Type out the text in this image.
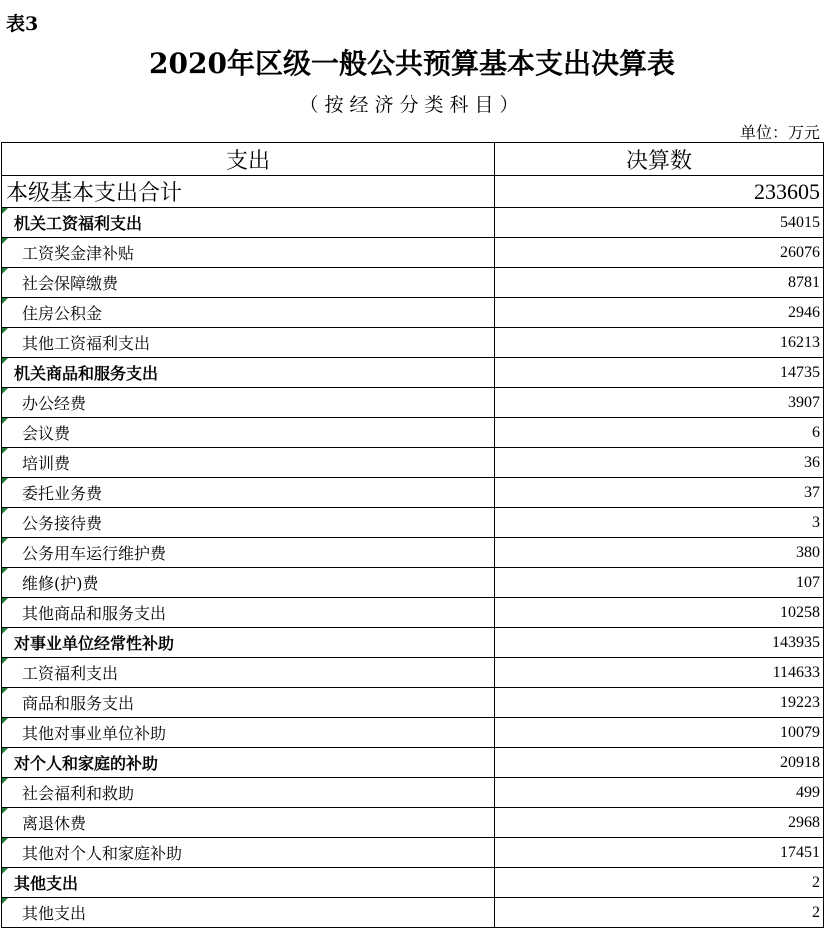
表3
2020年区级一般公共预算基本支出决算表
（按经济分类科目）
单位：万元
支出	决算数
本级基本支出合计	233605

机关工资福利支出	54015

工资奖金津补贴	26076

社会保障缴费	8781

住房公积金	2946

其他工资福利支出	16213

机关商品和服务支出	14735

办公经费	3907

会议费	6

培训费	36

委托业务费	37

公务接待费	3

公务用车运行维护费	380

维修(护)费	107

其他商品和服务支出	10258

对事业单位经常性补助	143935

工资福利支出	114633

商品和服务支出	19223

其他对事业单位补助	10079

对个人和家庭的补助	20918

社会福利和救助	499

离退休费	2968

其他对个人和家庭补助	17451

其他支出	2

其他支出	2
